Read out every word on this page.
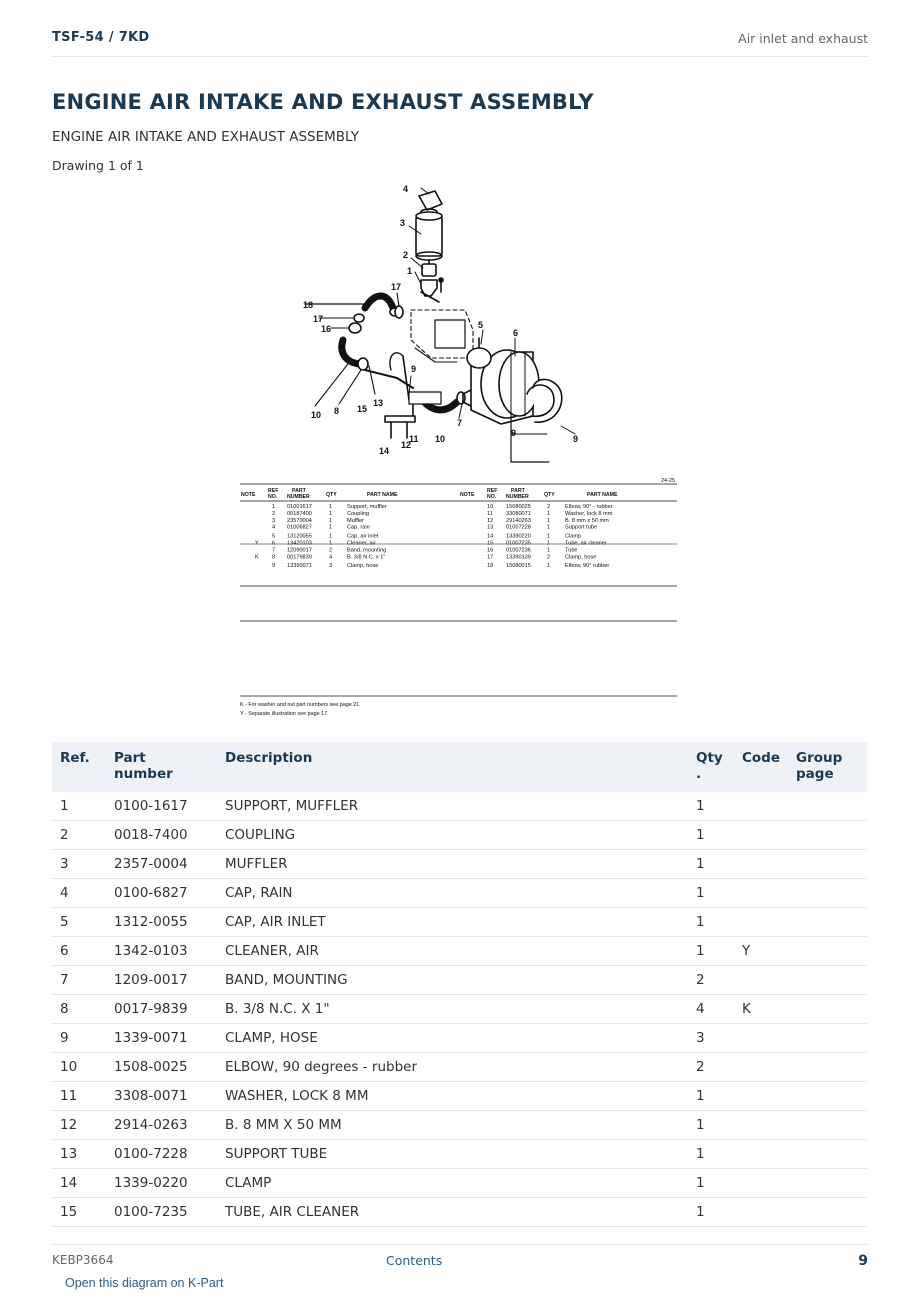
TSF-54 / 7KD	Air inlet and exhaust
ENGINE AIR INTAKE AND EXHAUST ASSEMBLY
ENGINE AIR INTAKE AND EXHAUST ASSEMBLY
Drawing 1 of 1
4
3
2
1
17
18
17
16	5
6
9
13
10 8 15
7
10
11
12
14
9
9
24-25
NOTE
REF
NO.
PART
NUMBER	QTY	PART NAME	NOTE
REF
NO.
PART
NUMBER	QTY	PART NAME
1 01001617	1	Support, muffler
2 00187400	1	Coupling
3 23570004	1	Muffler
4 01006827	1	Cap, rain
5 13120055	1	Cap, air inlet
Y 6 13420103	1	Cleaner, air
7 12090017	2	Band, mounting
K 8 00179839	4	B. 3/8 N.C. x 1"
9 13390071	3	Clamp, hose
10 15080025	2	Elbow, 90° - rubber
11 33080071	1	Washer, lock 8 mm
12 29140263	1	B. 8 mm x 50 mm
13 01007228	1	Support tube
14 13390220	1	Clamp
15 01007235	1	Tube, air cleaner
16 01007236	1	Tube
17 13390139	2	Clamp, hose
18 15080015	1	Elbow, 90° rubber
K - For washer and nut part numbers see page 21.
Y - Separate illustration see page 17.
Ref.	Part number	Description	Qty
.	Code	Group
page
1	0100-1617	SUPPORT, MUFFLER	1		
2	0018-7400	COUPLING	1		
3	2357-0004	MUFFLER	1		
4	0100-6827	CAP, RAIN	1		
5	1312-0055	CAP, AIR INLET	1		
6	1342-0103	CLEANER, AIR	1	Y	
7	1209-0017	BAND, MOUNTING	2		
8	0017-9839	B. 3/8 N.C. X 1"	4	K	
9	1339-0071	CLAMP, HOSE	3		
10	1508-0025	ELBOW, 90 degrees - rubber	2		
11	3308-0071	WASHER, LOCK 8 MM	1		
12	2914-0263	B. 8 MM X 50 MM	1		
13	0100-7228	SUPPORT TUBE	1		
14	1339-0220	CLAMP	1		
15	0100-7235	TUBE, AIR CLEANER	1		
KEBP3664	Contents	9
Open this diagram on K-Part
